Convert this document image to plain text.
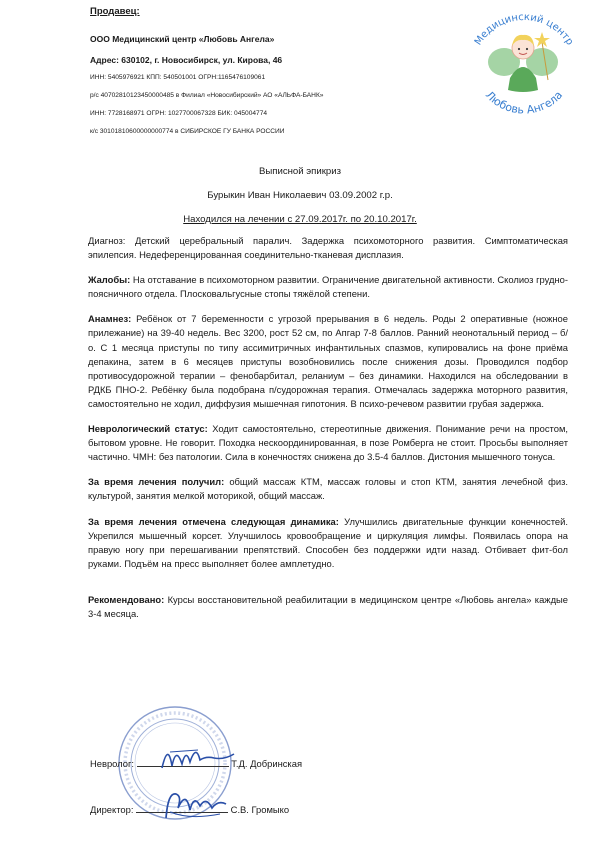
Продавец:
ООО Медицинский центр «Любовь Ангела»
Адрес: 630102, г. Новосибирск, ул. Кирова, 46
ИНН: 5405976921 КПП: 540501001 ОГРН:1165476109061
р/с 40702810123450000485 в Филиал «Новосибирский» АО «АЛЬФА-БАНК»
ИНН: 7728168971 ОГРН: 1027700067328 БИК: 045004774
к/с 30101810600000000774 в СИБИРСКОЕ ГУ БАНКА РОССИИ
Медицинский центр
Любовь Ангела
Выписной эпикриз
Бурыкин Иван Николаевич 03.09.2002 г.р.
Находился на лечении с 27.09.2017г. по 20.10.2017г.

Диагноз: Детский церебральный паралич. Задержка психомоторного развития. Симптоматическая эпилепсия. Недеференцированная соединительно-тканевая дисплазия.

Жалобы: На отставание в психомоторном развитии. Ограничение двигательной активности. Сколиоз грудно-поясничного отдела. Плосковальгусные стопы тяжёлой степени.

Анамнез: Ребёнок от 7 беременности с угрозой прерывания в 6 недель. Роды 2 оперативные (ножное прилежание) на 39-40 недель. Вес 3200, рост 52 см, по Апгар 7-8 баллов. Ранний неонотальный период – б/о. С 1 месяца приступы по типу ассимитричных инфантильных спазмов, купировались на фоне приёма депакина, затем в 6 месяцев приступы возобновились после снижения дозы. Проводился подбор противосудорожной терапии – фенобарбитал, реланиум – без динамики. Находился на обследовании в РДКБ ПНО-2. Ребёнку была подобрана п/судорожная терапия. Отмечалась задержка моторного развития, самостоятельно не ходил, диффузия мышечная гипотония. В психо-речевом развитии грубая задержка.

Неврологический статус: Ходит самостоятельно, стереотипные движения. Понимание речи на простом, бытовом уровне. Не говорит. Походка нескоординированная, в позе Ромберга не стоит. Просьбы выполняет частично. ЧМН: без патологии. Сила в конечностях снижена до 3.5-4 баллов. Дистония мышечного тонуса.

За время лечения получил: общий массаж КТМ, массаж головы и стоп КТМ, занятия лечебной физ. культурой, занятия мелкой моторикой, общий массаж.

За время лечения отмечена следующая динамика: Улучшились двигательные функции конечностей. Укрепился мышечный корсет. Улучшилось кровообращение и циркуляция лимфы. Появилась опора на правую ногу при перешагивании препятствий. Способен без поддержки идти назад. Отбивает фит-бол руками. Подъём на пресс выполняет более амплетудно.

Рекомендовано: Курсы восстановительной реабилитации в медицинском центре «Любовь ангела» каждые 3-4 месяца.

Невролог:	Т.Д. Добринская
Директор:	С.В. Громыко
